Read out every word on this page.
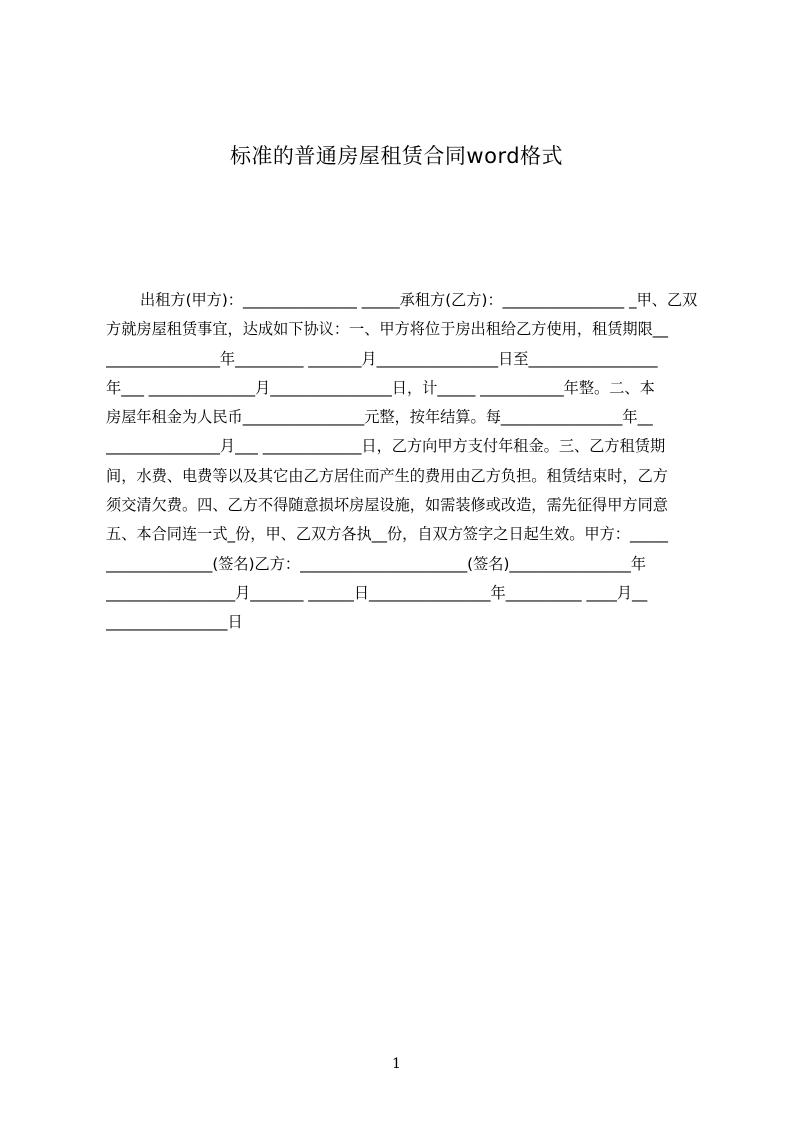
标准的普通房屋租赁合同word格式
出租方(甲方)：_______________ _____承租方(乙方)：________________ _甲、乙双
方就房屋租赁事宜，达成如下协议：一、甲方将位于房出租给乙方使用，租赁期限__
_______________年_________ _______月________________日至_________________
年___ ______________月________________日，计_____ ___________年整。二、本
房屋年租金为人民币________________元整，按年结算。每________________年__
_______________月___ _____________日，乙方向甲方支付年租金。三、乙方租赁期
间，水费、电费等以及其它由乙方居住而产生的费用由乙方负担。租赁结束时，乙方
须交清欠费。四、乙方不得随意损坏房屋设施，如需装修或改造，需先征得甲方同意
五、本合同连一式_份，甲、乙双方各执__份，自双方签字之日起生效。甲方：_____
______________(签名)乙方：______________________(签名)________________年
_________________月_______ ______日________________年__________ ____月__
________________日
1
